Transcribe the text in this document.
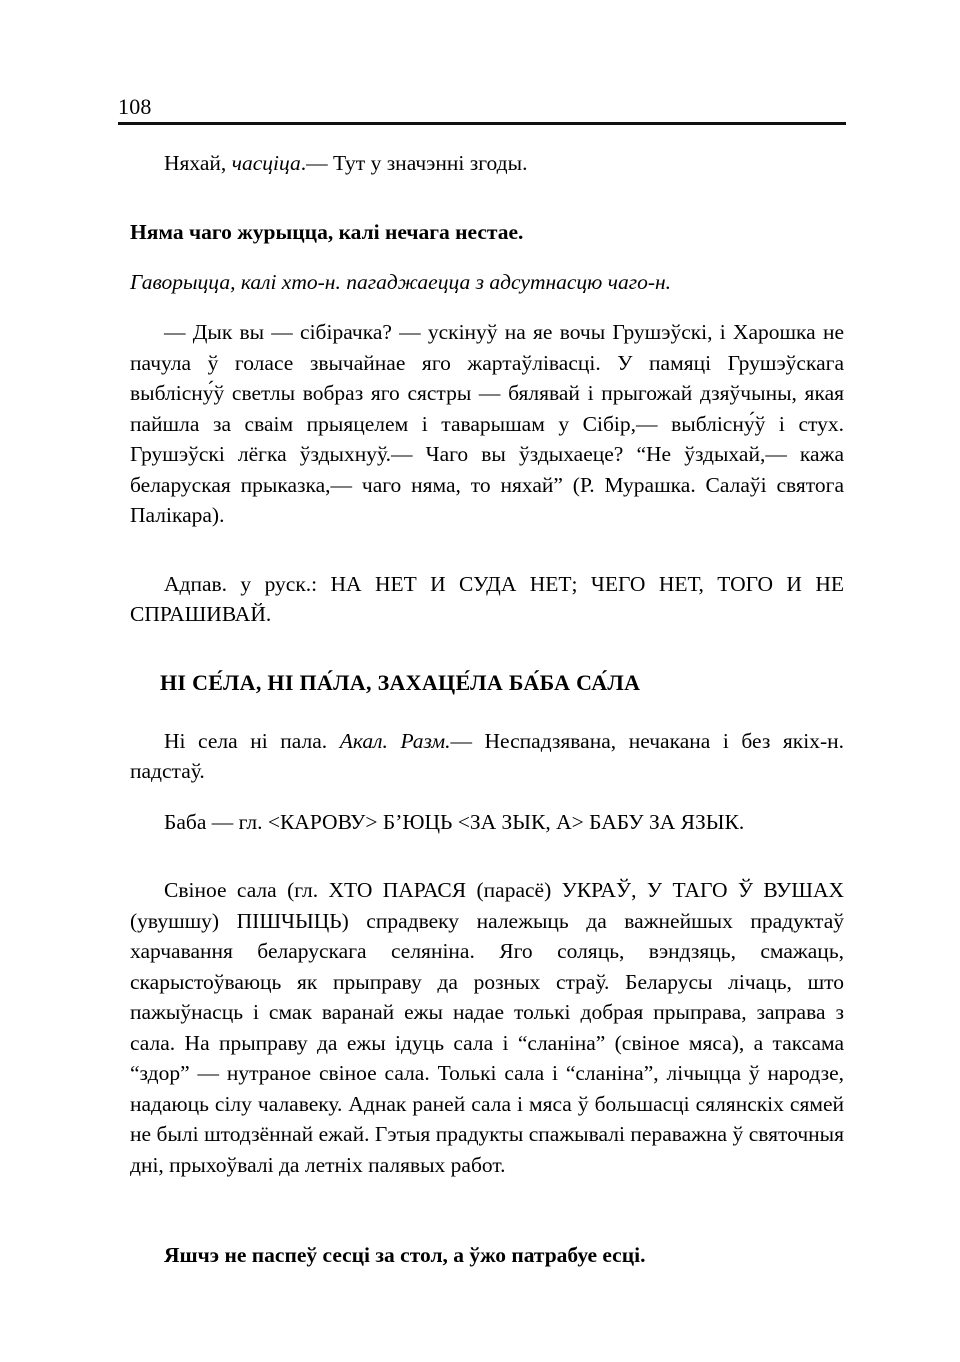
108

Няхай, часціца.— Тут у значэнні згоды.

Няма чаго журыцца, калі нечага нестае.

Гаворыцца, калі хто-н. пагаджаецца з адсутнасцю чаго-н.

— Дык вы — сібірачка? — ускінуў на яе вочы Грушэўскі, і Харошка не пачула ў голасе звычайнае яго жартаўлівасці. У памяці Грушэўскага выблісну́ў светлы вобраз яго сястры — бялявай і прыгожай дзяўчыны, якая пайшла за сваім прыяцелем і таварышам у Сібір,— выблісну́ў і стух. Грушэўскі лёгка ўздыхнуў.— Чаго вы ўздыхаеце? “Не ўздыхай,— кажа беларуская прыказка,— чаго няма, то няхай” (Р. Мурашка. Салаўі святога Палікара).

Адпав. у руск.: НА НЕТ И СУДА НЕТ; ЧЕГО НЕТ, ТОГО И НЕ СПРАШИВАЙ.

НІ СЕ́ЛА, НІ ПА́ЛА, ЗАХАЦЕ́ЛА БА́БА СА́ЛА

Ні села ні пала. Акал. Разм.— Неспадзявана, нечакана і без якіх-н. падстаў.

Баба — гл. <КАРОВУ> Б’ЮЦЬ <ЗА ЗЫК, А> БАБУ ЗА ЯЗЫК.

Свіное сала (гл. ХТО ПАРАСЯ (парасё) УКРАЎ, У ТАГО Ў ВУШАХ (увушшу) ПІШЧЫЦЬ) спрадвеку належыць да важнейшых прадуктаў харчавання беларускага селяніна. Яго соляць, вэндзяць, смажаць, скарыстоўваюць як прыправу да розных страў. Беларусы лічаць, што пажыўнасць і смак варанай ежы надае толькі добрая прыправа, заправа з сала. На прыправу да ежы ідуць сала і “сланіна” (свіное мяса), а таксама “здор” — нутраное свіное сала. Толькі сала і “сланіна”, лічыцца ў народзе, надаюць сілу чалавеку. Аднак раней сала і мяса ў большасці сялянскіх сямей не былі штодзённай ежай. Гэтыя прадукты спажывалі пераважна ў святочныя дні, прыхоўвалі да летніх палявых работ.

Яшчэ не паспеў сесці за стол, а ўжо патрабуе есці.
